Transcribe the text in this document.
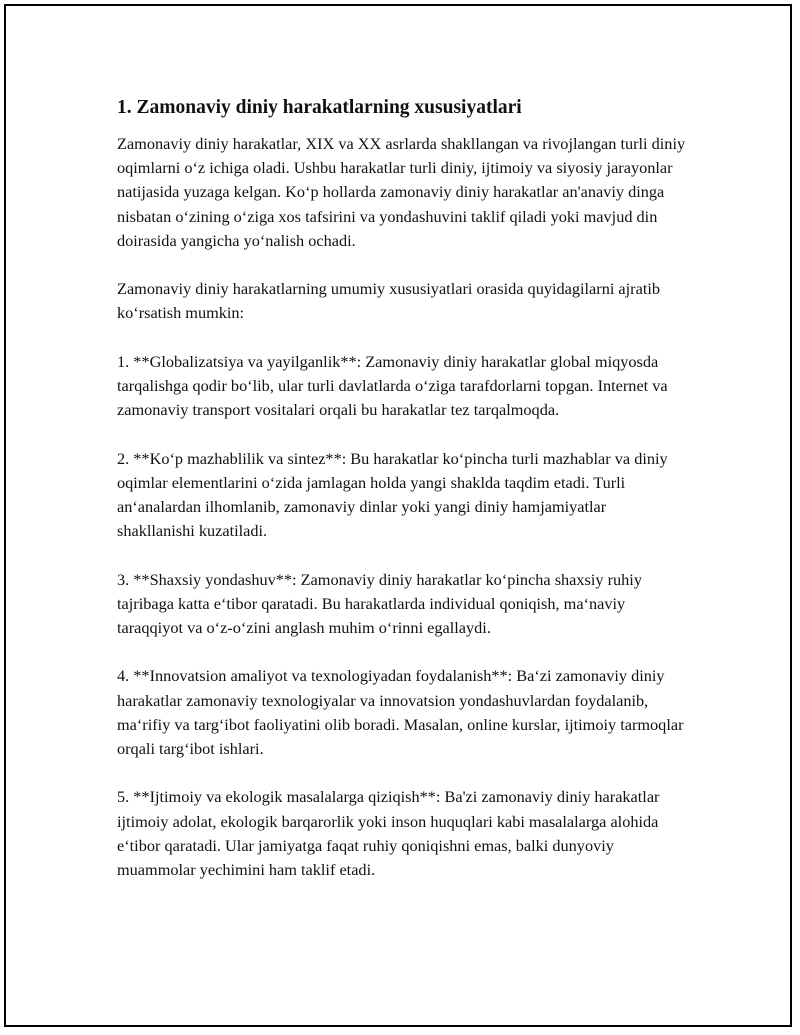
1. Zamonaviy diniy harakatlarning xususiyatlari

Zamonaviy diniy harakatlar, XIX va XX asrlarda shakllangan va rivojlangan turli diniy oqimlarni o‘z ichiga oladi. Ushbu harakatlar turli diniy, ijtimoiy va siyosiy jarayonlar natijasida yuzaga kelgan. Ko‘p hollarda zamonaviy diniy harakatlar an'anaviy dinga nisbatan o‘zining o‘ziga xos tafsirini va yondashuvini taklif qiladi yoki mavjud din doirasida yangicha yo‘nalish ochadi.

Zamonaviy diniy harakatlarning umumiy xususiyatlari orasida quyidagilarni ajratib ko‘rsatish mumkin:

1. **Globalizatsiya va yayilganlik**: Zamonaviy diniy harakatlar global miqyosda tarqalishga qodir bo‘lib, ular turli davlatlarda o‘ziga tarafdorlarni topgan. Internet va zamonaviy transport vositalari orqali bu harakatlar tez tarqalmoqda.

2. **Ko‘p mazhablilik va sintez**: Bu harakatlar ko‘pincha turli mazhablar va diniy oqimlar elementlarini o‘zida jamlagan holda yangi shaklda taqdim etadi. Turli an‘analardan ilhomlanib, zamonaviy dinlar yoki yangi diniy hamjamiyatlar shakllanishi kuzatiladi.

3. **Shaxsiy yondashuv**: Zamonaviy diniy harakatlar ko‘pincha shaxsiy ruhiy tajribaga katta e‘tibor qaratadi. Bu harakatlarda individual qoniqish, ma‘naviy taraqqiyot va o‘z-o‘zini anglash muhim o‘rinni egallaydi.

4. **Innovatsion amaliyot va texnologiyadan foydalanish**: Ba‘zi zamonaviy diniy harakatlar zamonaviy texnologiyalar va innovatsion yondashuvlardan foydalanib, ma‘rifiy va targ‘ibot faoliyatini olib boradi. Masalan, online kurslar, ijtimoiy tarmoqlar orqali targ‘ibot ishlari.

5. **Ijtimoiy va ekologik masalalarga qiziqish**: Ba'zi zamonaviy diniy harakatlar ijtimoiy adolat, ekologik barqarorlik yoki inson huquqlari kabi masalalarga alohida e‘tibor qaratadi. Ular jamiyatga faqat ruhiy qoniqishni emas, balki dunyoviy muammolar yechimini ham taklif etadi.
